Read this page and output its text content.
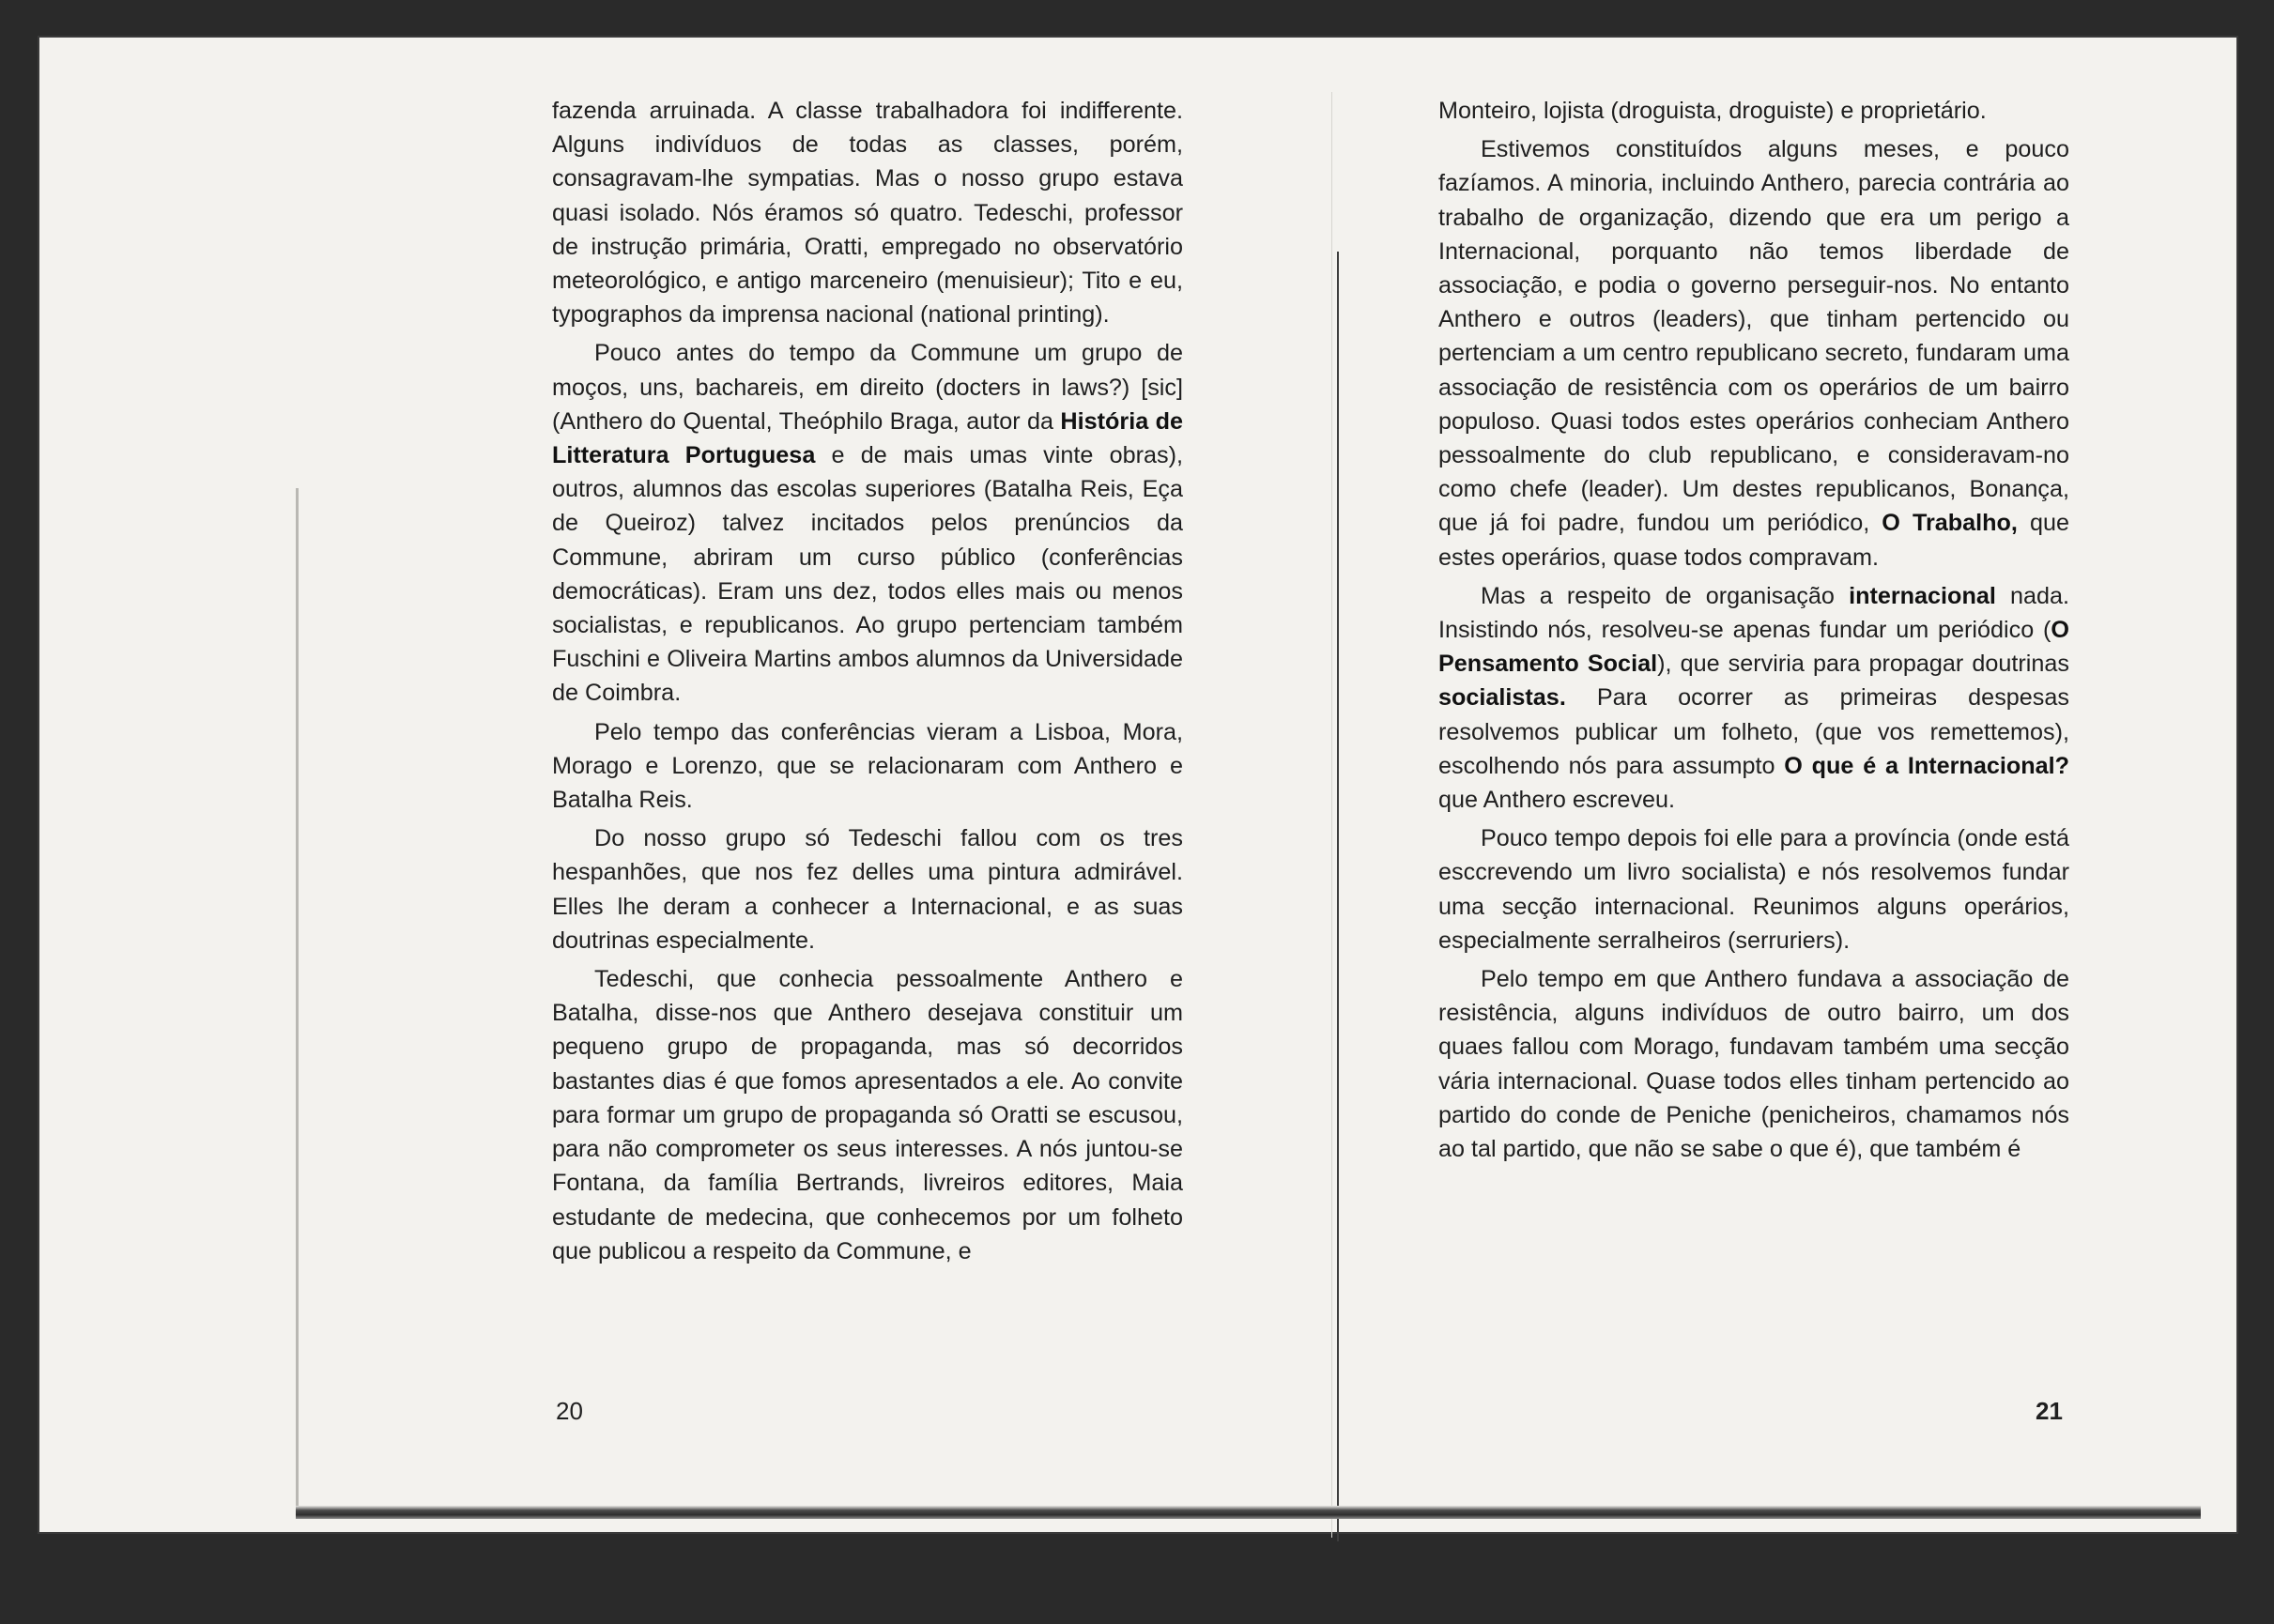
fazenda arruinada. A classe trabalhadora foi indifferente. Alguns indivíduos de todas as classes, porém, consagravam-lhe sympatias. Mas o nosso grupo estava quasi isolado. Nós éramos só quatro. Tedeschi, professor de instrução primária, Oratti, empregado no observatório meteorológico, e antigo marceneiro (menuisieur); Tito e eu, typographos da imprensa nacional (national printing).

Pouco antes do tempo da Commune um grupo de moços, uns, bachareis, em direito (docters in laws?) [sic] (Anthero do Quental, Theóphilo Braga, autor da História de Litteratura Portuguesa e de mais umas vinte obras), outros, alumnos das escolas superiores (Batalha Reis, Eça de Queiroz) talvez incitados pelos prenúncios da Commune, abriram um curso público (conferências democráticas). Eram uns dez, todos elles mais ou menos socialistas, e republicanos. Ao grupo pertenciam também Fuschini e Oliveira Martins ambos alumnos da Universidade de Coimbra.

Pelo tempo das conferências vieram a Lisboa, Mora, Morago e Lorenzo, que se relacionaram com Anthero e Batalha Reis.

Do nosso grupo só Tedeschi fallou com os tres hespanhões, que nos fez delles uma pintura admirável. Elles lhe deram a conhecer a Internacional, e as suas doutrinas especialmente.

Tedeschi, que conhecia pessoalmente Anthero e Batalha, disse-nos que Anthero desejava constituir um pequeno grupo de propaganda, mas só decorridos bastantes dias é que fomos apresentados a ele. Ao convite para formar um grupo de propaganda só Oratti se escusou, para não comprometer os seus interesses. A nós juntou-se Fontana, da família Bertrands, livreiros editores, Maia estudante de medecina, que conhecemos por um folheto que publicou a respeito da Commune, e

20

Monteiro, lojista (droguista, droguiste) e proprietário.

Estivemos constituídos alguns meses, e pouco fazíamos. A minoria, incluindo Anthero, parecia contrária ao trabalho de organização, dizendo que era um perigo a Internacional, porquanto não temos liberdade de associação, e podia o governo perseguir-nos. No entanto Anthero e outros (leaders), que tinham pertencido ou pertenciam a um centro republicano secreto, fundaram uma associação de resistência com os operários de um bairro populoso. Quasi todos estes operários conheciam Anthero pessoalmente do club republicano, e consideravam-no como chefe (leader). Um destes republicanos, Bonança, que já foi padre, fundou um periódico, O Trabalho, que estes operários, quase todos compravam.

Mas a respeito de organisação internacional nada. Insistindo nós, resolveu-se apenas fundar um periódico (O Pensamento Social), que serviria para propagar doutrinas socialistas. Para ocorrer as primeiras despesas resolvemos publicar um folheto, (que vos remettemos), escolhendo nós para assumpto O que é a Internacional? que Anthero escreveu.

Pouco tempo depois foi elle para a província (onde está esccrevendo um livro socialista) e nós resolvemos fundar uma secção internacional. Reunimos alguns operários, especialmente serralheiros (serruriers).

Pelo tempo em que Anthero fundava a associação de resistência, alguns indivíduos de outro bairro, um dos quaes fallou com Morago, fundavam também uma secção vária internacional. Quase todos elles tinham pertencido ao partido do conde de Peniche (penicheiros, chamamos nós ao tal partido, que não se sabe o que é), que também é

21
